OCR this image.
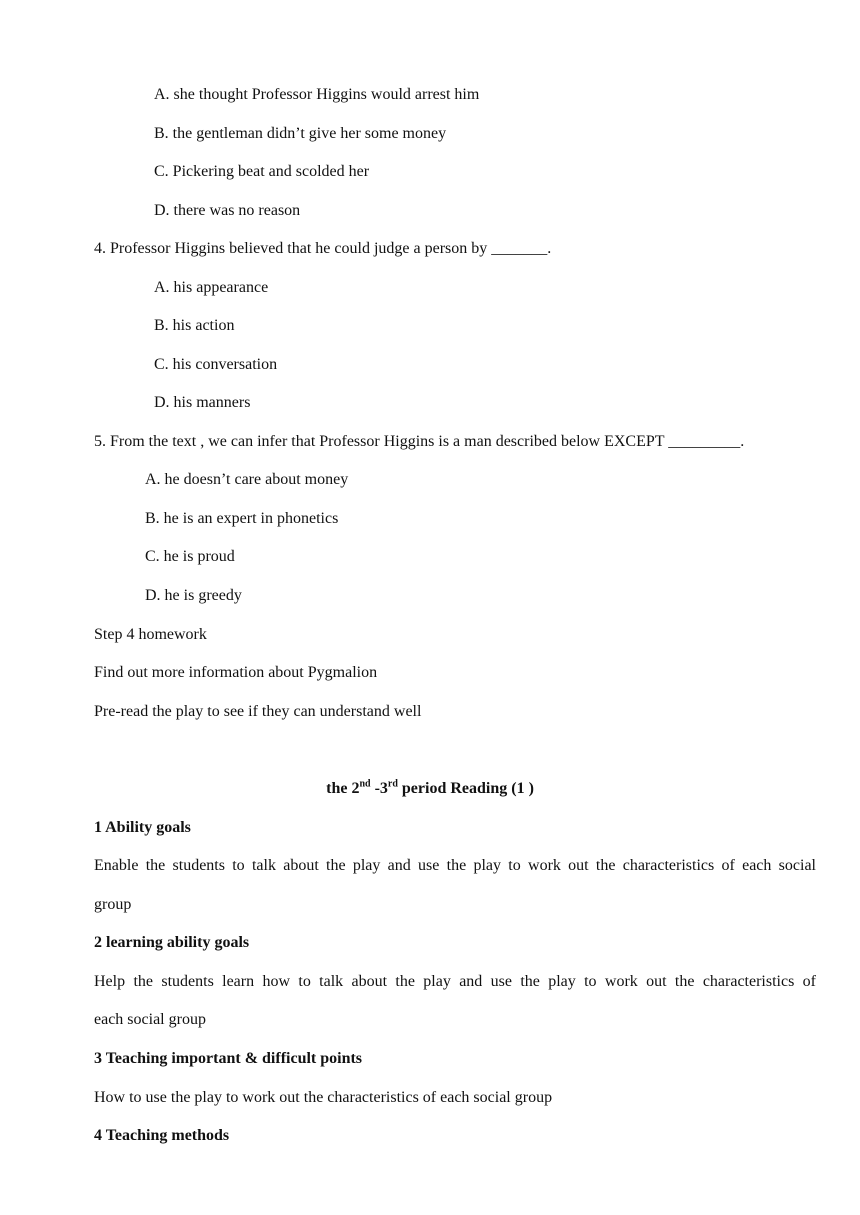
A. she thought Professor Higgins would arrest him
B. the gentleman didn’t give her some money
C. Pickering beat and scolded her
D. there was no reason
4. Professor Higgins believed that he could judge a person by _______.
A. his appearance
B. his action
C. his conversation
D. his manners
5. From the text , we can infer that Professor Higgins is a man described below EXCEPT _________.
A. he doesn’t care about money
B. he is an expert in phonetics
C. he is proud
D. he is greedy
Step 4 homework
Find out more information about Pygmalion
Pre-read the play to see if they can understand well
the 2nd -3rd period Reading (1 )
1 Ability goals
Enable the students to talk about the play and use the play to work out the characteristics of each social
group
2 learning ability goals
Help the students learn how to talk about the play and use the play to work out the characteristics of
each social group
3 Teaching important & difficult points
How to use the play to work out the characteristics of each social group
4 Teaching methods
